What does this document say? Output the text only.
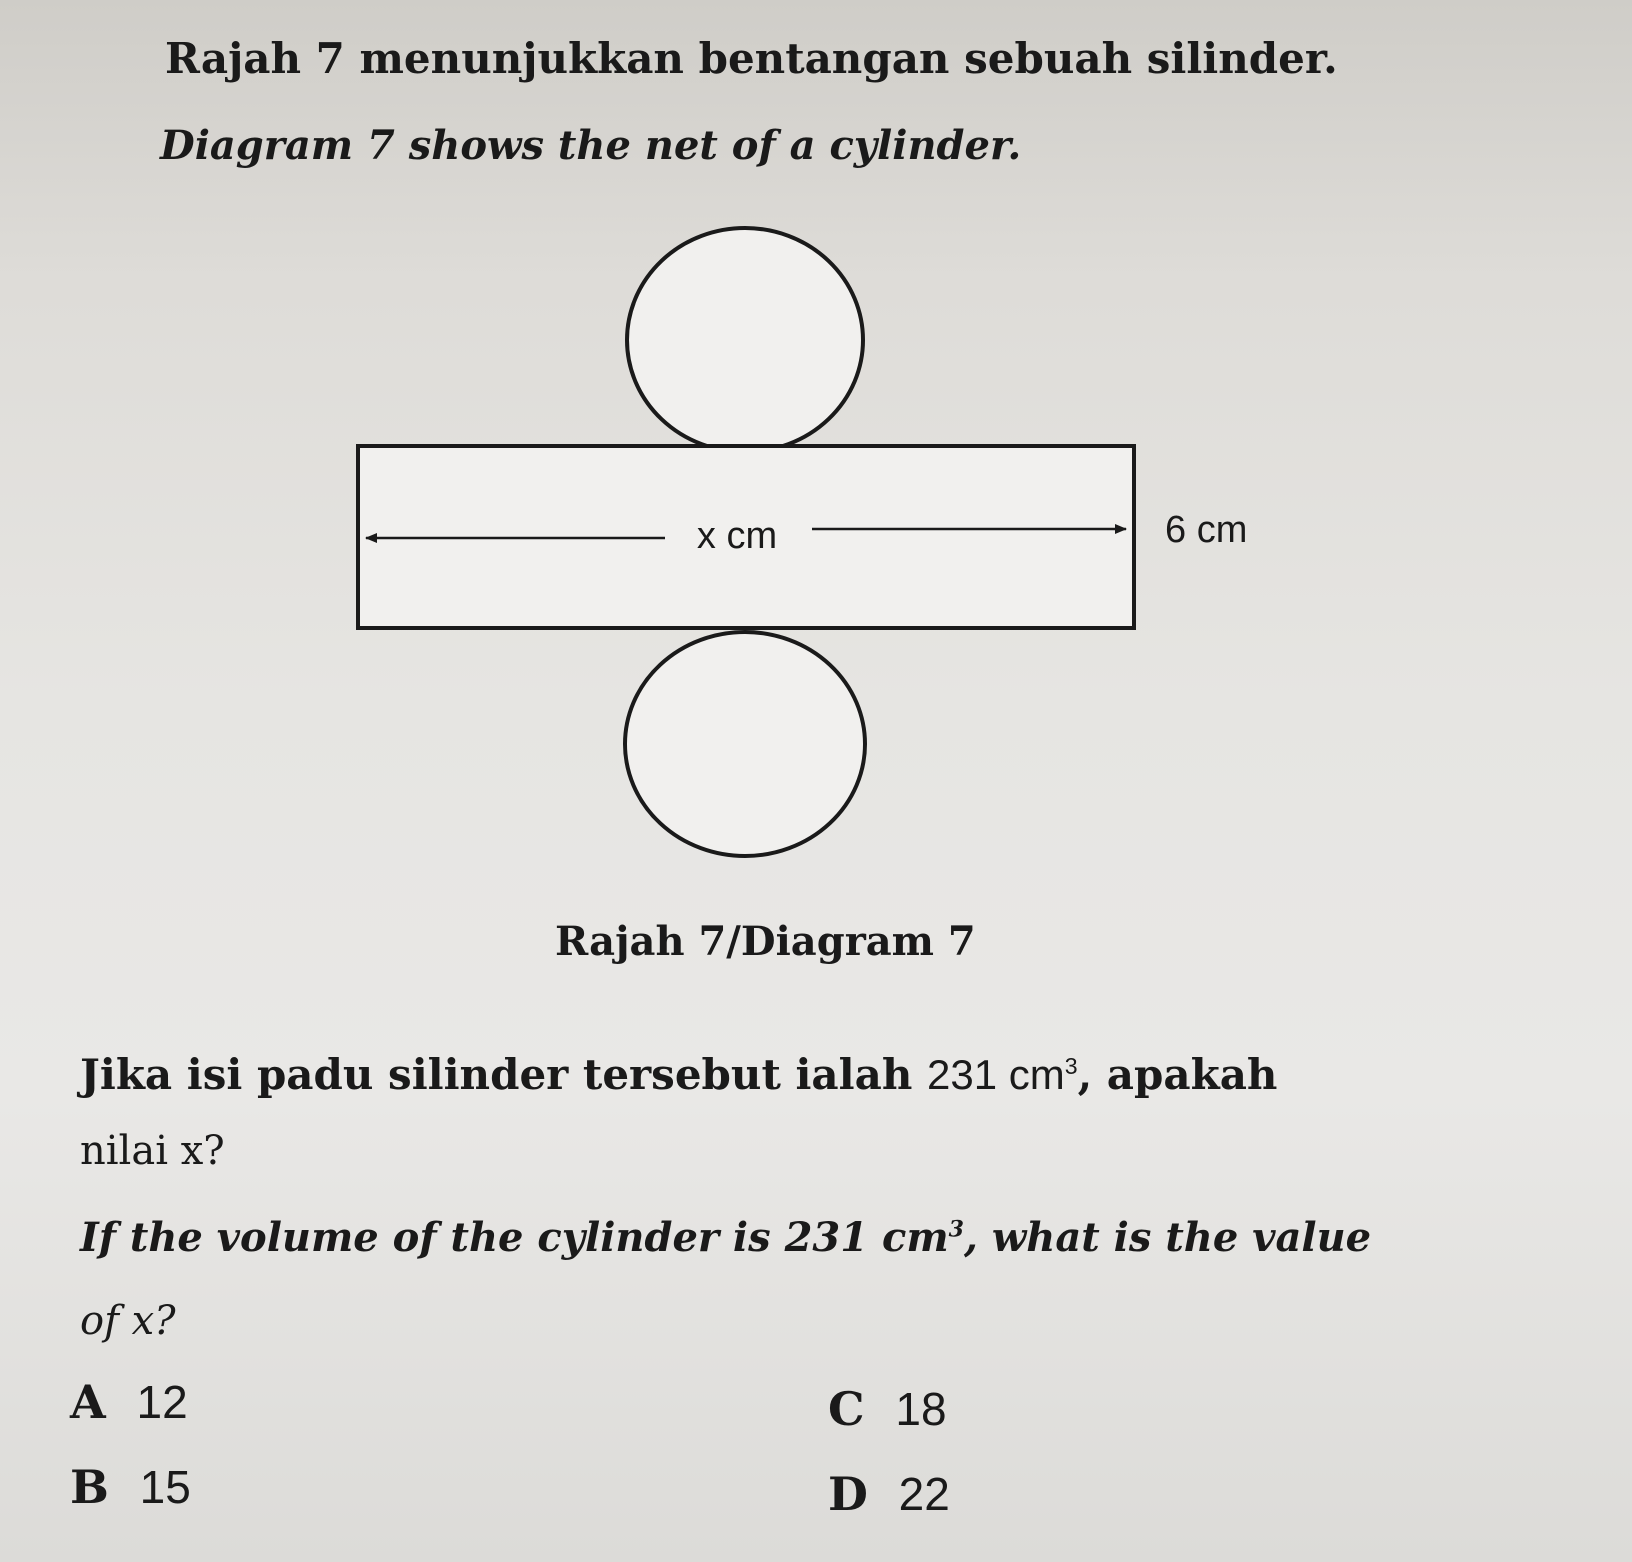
Rajah 7 menunjukkan bentangan sebuah silinder.
Diagram 7 shows the net of a cylinder.
x cm	6 cm
Rajah 7/Diagram 7
Jika isi padu silinder tersebut ialah 231 $cm^3$, apakah
nilai x?
If the volume of the cylinder is 231 $cm^3$, what is the value
of x?
A 12
B 15
C 18
D 22
